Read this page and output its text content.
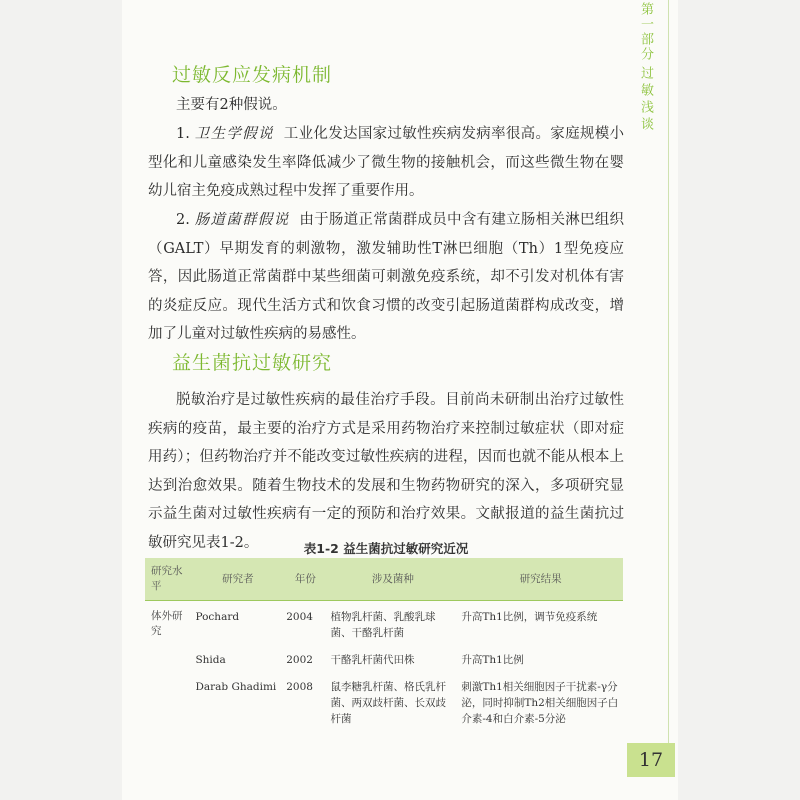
第一部分
过敏浅谈
过敏反应发病机制

主要有2种假说。

1. 卫生学假说 工业化发达国家过敏性疾病发病率很高。家庭规模小型化和儿童感染发生率降低减少了微生物的接触机会，而这些微生物在婴幼儿宿主免疫成熟过程中发挥了重要作用。

2. 肠道菌群假说 由于肠道正常菌群成员中含有建立肠相关淋巴组织（GALT）早期发育的刺激物，激发辅助性T淋巴细胞（Th）1型免疫应答，因此肠道正常菌群中某些细菌可刺激免疫系统，却不引发对机体有害的炎症反应。现代生活方式和饮食习惯的改变引起肠道菌群构成改变，增加了儿童对过敏性疾病的易感性。

益生菌抗过敏研究

脱敏治疗是过敏性疾病的最佳治疗手段。目前尚未研制出治疗过敏性疾病的疫苗，最主要的治疗方式是采用药物治疗来控制过敏症状（即对症用药）；但药物治疗并不能改变过敏性疾病的进程，因而也就不能从根本上达到治愈效果。随着生物技术的发展和生物药物研究的深入，多项研究显示益生菌对过敏性疾病有一定的预防和治疗效果。文献报道的益生菌抗过敏研究见表1-2。	表1-2 益生菌抗过敏研究近况
研究水平	研究者	年份	涉及菌种	研究结果
体外研究	Pochard	2004	植物乳杆菌、乳酸乳球菌、干酪乳杆菌	升高Th1比例，调节免疫系统
	Shida	2002	干酪乳杆菌代田株	升高Th1比例
	Darab Ghadimi	2008	鼠李糖乳杆菌、格氏乳杆菌、两双歧杆菌、长双歧杆菌	刺激Th1相关细胞因子干扰素-γ分泌，同时抑制Th2相关细胞因子白介素-4和白介素-5分泌
17
